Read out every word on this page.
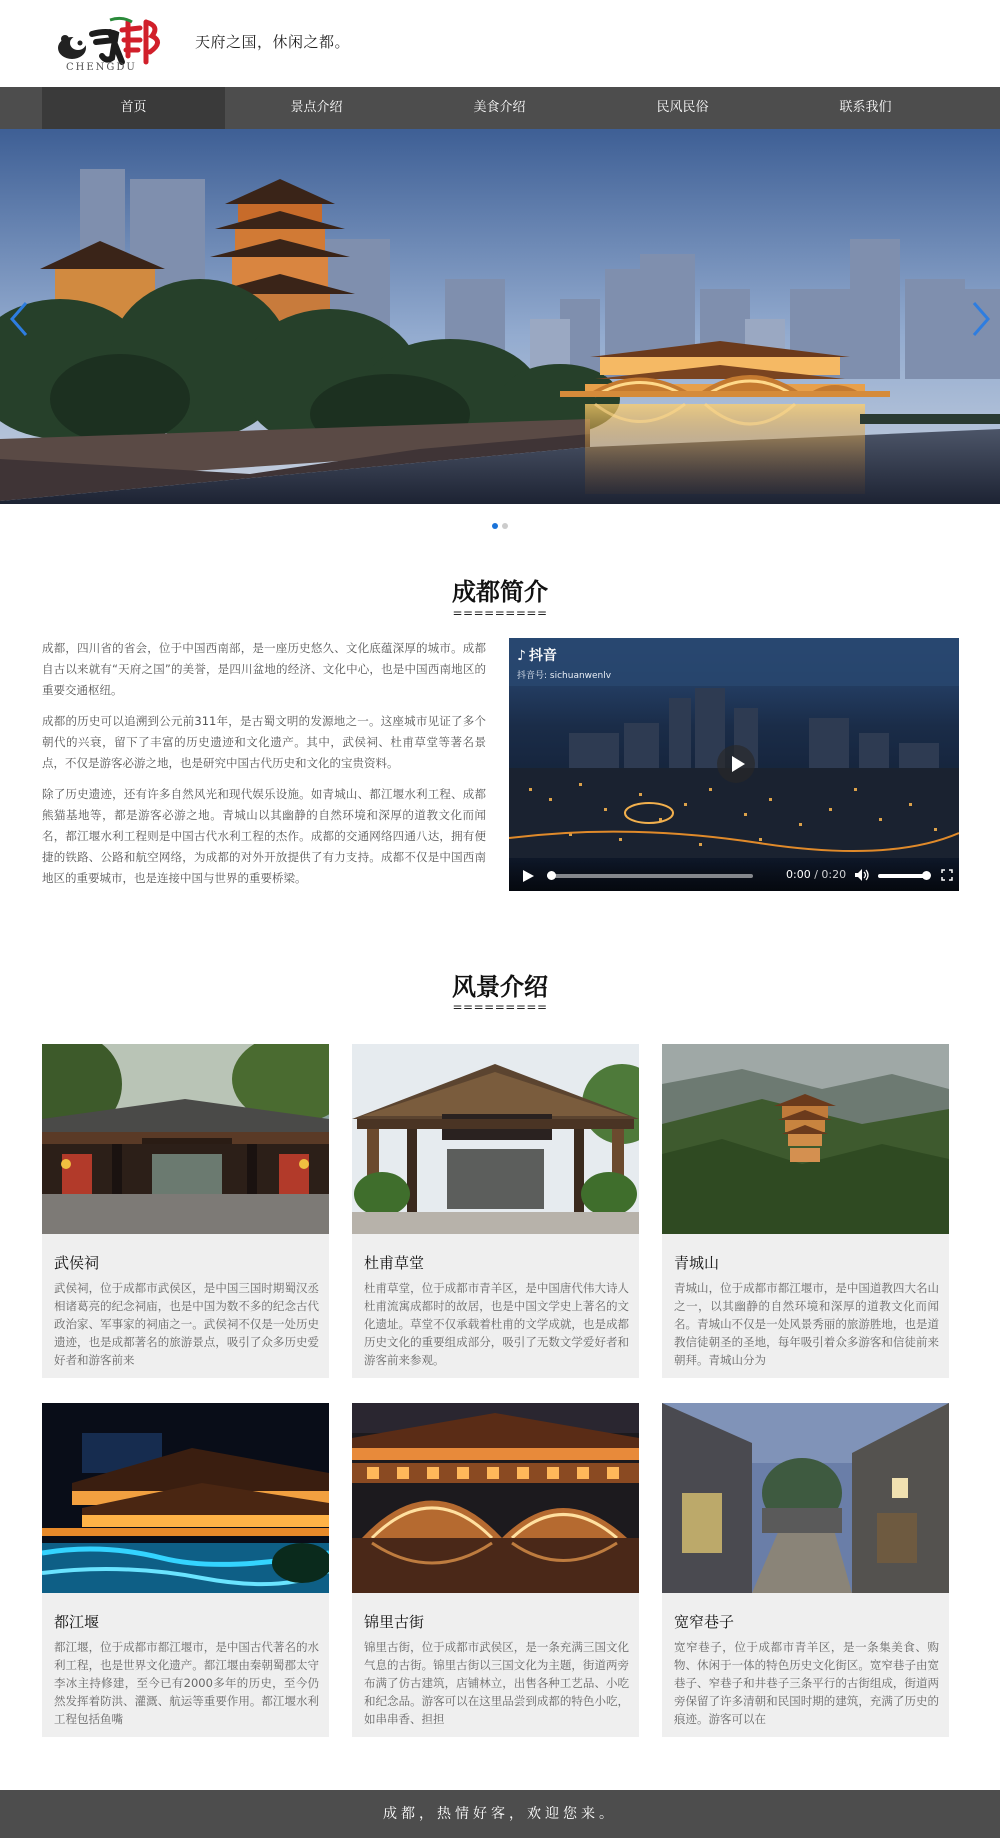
CHENGDU
天府之国，休闲之都。
首页	景点介绍	美食介绍	民风民俗	联系我们
成都简介
=========

成都，四川省的省会，位于中国西南部，是一座历史悠久、文化底蕴深厚的城市。成都自古以来就有“天府之国”的美誉，是四川盆地的经济、文化中心，也是中国西南地区的重要交通枢纽。

成都的历史可以追溯到公元前311年，是古蜀文明的发源地之一。这座城市见证了多个朝代的兴衰，留下了丰富的历史遗迹和文化遗产。其中，武侯祠、杜甫草堂等著名景点，不仅是游客必游之地，也是研究中国古代历史和文化的宝贵资料。

除了历史遗迹，还有许多自然风光和现代娱乐设施。如青城山、都江堰水利工程、成都熊猫基地等，都是游客必游之地。青城山以其幽静的自然环境和深厚的道教文化而闻名，都江堰水利工程则是中国古代水利工程的杰作。成都的交通网络四通八达，拥有便捷的铁路、公路和航空网络，为成都的对外开放提供了有力支持。成都不仅是中国西南地区的重要城市，也是连接中国与世界的重要桥梁。

♪ 抖音
抖音号: sichuanwenlv
0:00 / 0:20
风景介绍
=========
武侯祠
武侯祠，位于成都市武侯区，是中国三国时期蜀汉丞相诸葛亮的纪念祠庙，也是中国为数不多的纪念古代政治家、军事家的祠庙之一。武侯祠不仅是一处历史遗迹，也是成都著名的旅游景点，吸引了众多历史爱好者和游客前来
杜甫草堂
杜甫草堂，位于成都市青羊区，是中国唐代伟大诗人杜甫流寓成都时的故居，也是中国文学史上著名的文化遗址。草堂不仅承载着杜甫的文学成就，也是成都历史文化的重要组成部分，吸引了无数文学爱好者和游客前来参观。
青城山
青城山，位于成都市都江堰市，是中国道教四大名山之一，以其幽静的自然环境和深厚的道教文化而闻名。青城山不仅是一处风景秀丽的旅游胜地，也是道教信徒朝圣的圣地，每年吸引着众多游客和信徒前来朝拜。青城山分为
都江堰
都江堰，位于成都市都江堰市，是中国古代著名的水利工程，也是世界文化遗产。都江堰由秦朝蜀郡太守李冰主持修建，至今已有2000多年的历史，至今仍然发挥着防洪、灌溉、航运等重要作用。都江堰水利工程包括鱼嘴
锦里古街
锦里古街，位于成都市武侯区，是一条充满三国文化气息的古街。锦里古街以三国文化为主题，街道两旁布满了仿古建筑，店铺林立，出售各种工艺品、小吃和纪念品。游客可以在这里品尝到成都的特色小吃，如串串香、担担
宽窄巷子
宽窄巷子，位于成都市青羊区，是一条集美食、购物、休闲于一体的特色历史文化街区。宽窄巷子由宽巷子、窄巷子和井巷子三条平行的古街组成，街道两旁保留了许多清朝和民国时期的建筑，充满了历史的痕迹。游客可以在
成都，热情好客，欢迎您来。
